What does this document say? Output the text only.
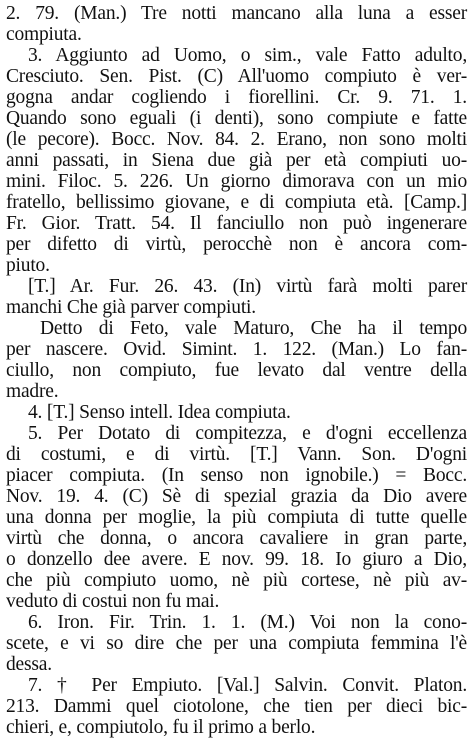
2. 79. (Man.) Tre notti mancano alla luna a esser
compiuta.
3. Aggiunto ad Uomo, o sim., vale Fatto adulto,
Cresciuto. Sen. Pist. (C) All'uomo compiuto è ver-
gogna andar cogliendo i fiorellini. Cr. 9. 71. 1.
Quando sono eguali (i denti), sono compiute e fatte
(le pecore). Bocc. Nov. 84. 2. Erano, non sono molti
anni passati, in Siena due già per età compiuti uo-
mini. Filoc. 5. 226. Un giorno dimorava con un mio
fratello, bellissimo giovane, e di compiuta età. [Camp.]
Fr. Gior. Tratt. 54. Il fanciullo non può ingenerare
per difetto di virtù, perocchè non è ancora com-
piuto.
[T.] Ar. Fur. 26. 43. (In) virtù farà molti parer
manchi Che già parver compiuti.
Detto di Feto, vale Maturo, Che ha il tempo
per nascere. Ovid. Simint. 1. 122. (Man.) Lo fan-
ciullo, non compiuto, fue levato dal ventre della
madre.
4. [T.] Senso intell. Idea compiuta.
5. Per Dotato di compitezza, e d'ogni eccellenza
di costumi, e di virtù. [T.] Vann. Son. D'ogni
piacer compiuta. (In senso non ignobile.) = Bocc.
Nov. 19. 4. (C) Sè di spezial grazia da Dio avere
una donna per moglie, la più compiuta di tutte quelle
virtù che donna, o ancora cavaliere in gran parte,
o donzello dee avere. E nov. 99. 18. Io giuro a Dio,
che più compiuto uomo, nè più cortese, nè più av-
veduto di costui non fu mai.
6. Iron. Fir. Trin. 1. 1. (M.) Voi non la cono-
scete, e vi so dire che per una compiuta femmina l'è
dessa.
7. † Per Empiuto. [Val.] Salvin. Convit. Platon.
213. Dammi quel ciotolone, che tien per dieci bic-
chieri, e, compiutolo, fu il primo a berlo.
